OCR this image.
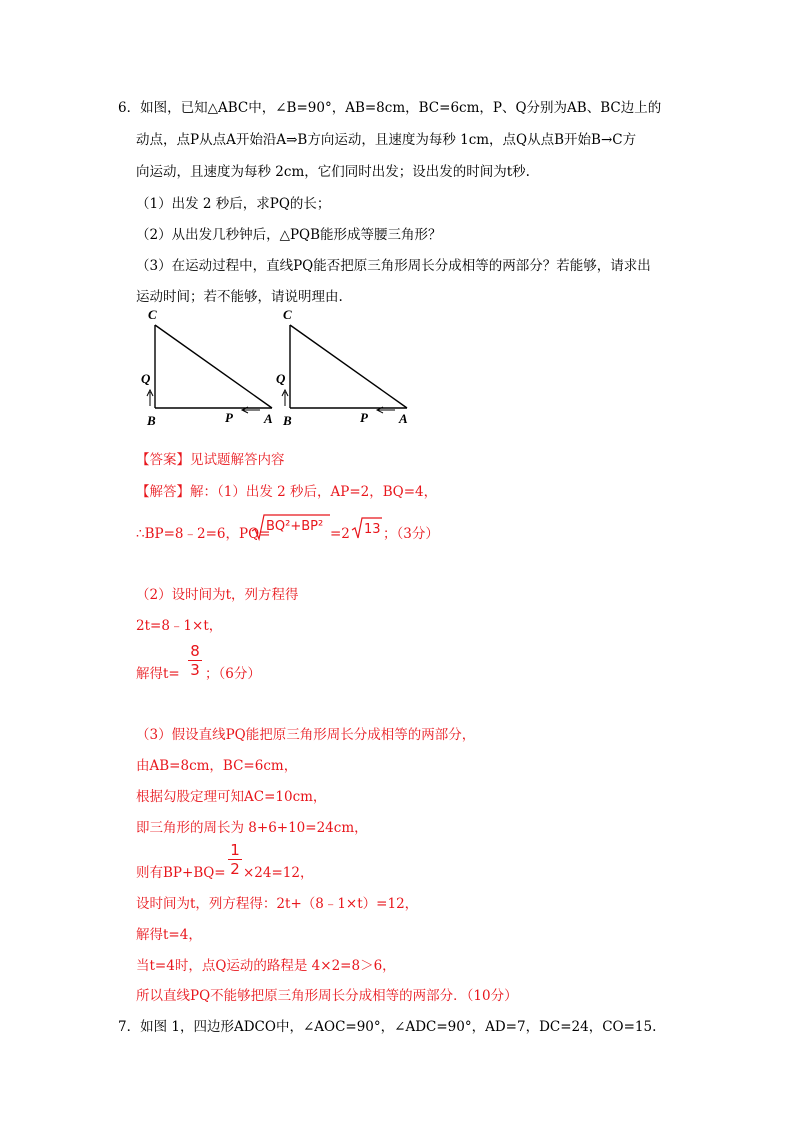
6．如图，已知△ABC中，∠B=90°，AB=8cm，BC=6cm，P、Q分别为AB、BC边上的
动点，点P从点A开始沿A⇒B方向运动，且速度为每秒 1cm，点Q从点B开始B→C方
向运动，且速度为每秒 2cm，它们同时出发；设出发的时间为t秒.
（1）出发 2 秒后，求PQ的长；
（2）从出发几秒钟后，△PQB能形成等腰三角形？
（3）在运动过程中，直线PQ能否把原三角形周长分成相等的两部分？若能够，请求出
运动时间；若不能够，请说明理由.
C
Q
B	P A
C
Q
B	P A
【答案】见试题解答内容
【解答】解：（1）出发 2 秒后，AP=2，BQ=4，
∴BP=8﹣2=6，PQ=
BQ²+BP² =2 13 ；（3分）
（2）设时间为t，列方程得
2t=8﹣1×t，
解得t=
8
3 ；（6分）
（3）假设直线PQ能把原三角形周长分成相等的两部分，
由AB=8cm，BC=6cm，
根据勾股定理可知AC=10cm，
即三角形的周长为 8+6+10=24cm，
则有BP+BQ=
1
2 ×24=12，
设时间为t，列方程得：2t+（8﹣1×t）=12，
解得t=4，
当t=4时，点Q运动的路程是 4×2=8＞6，
所以直线PQ不能够把原三角形周长分成相等的两部分．（10分）
7．如图 1，四边形ADCO中，∠AOC=90°，∠ADC=90°，AD=7，DC=24，CO=15.
